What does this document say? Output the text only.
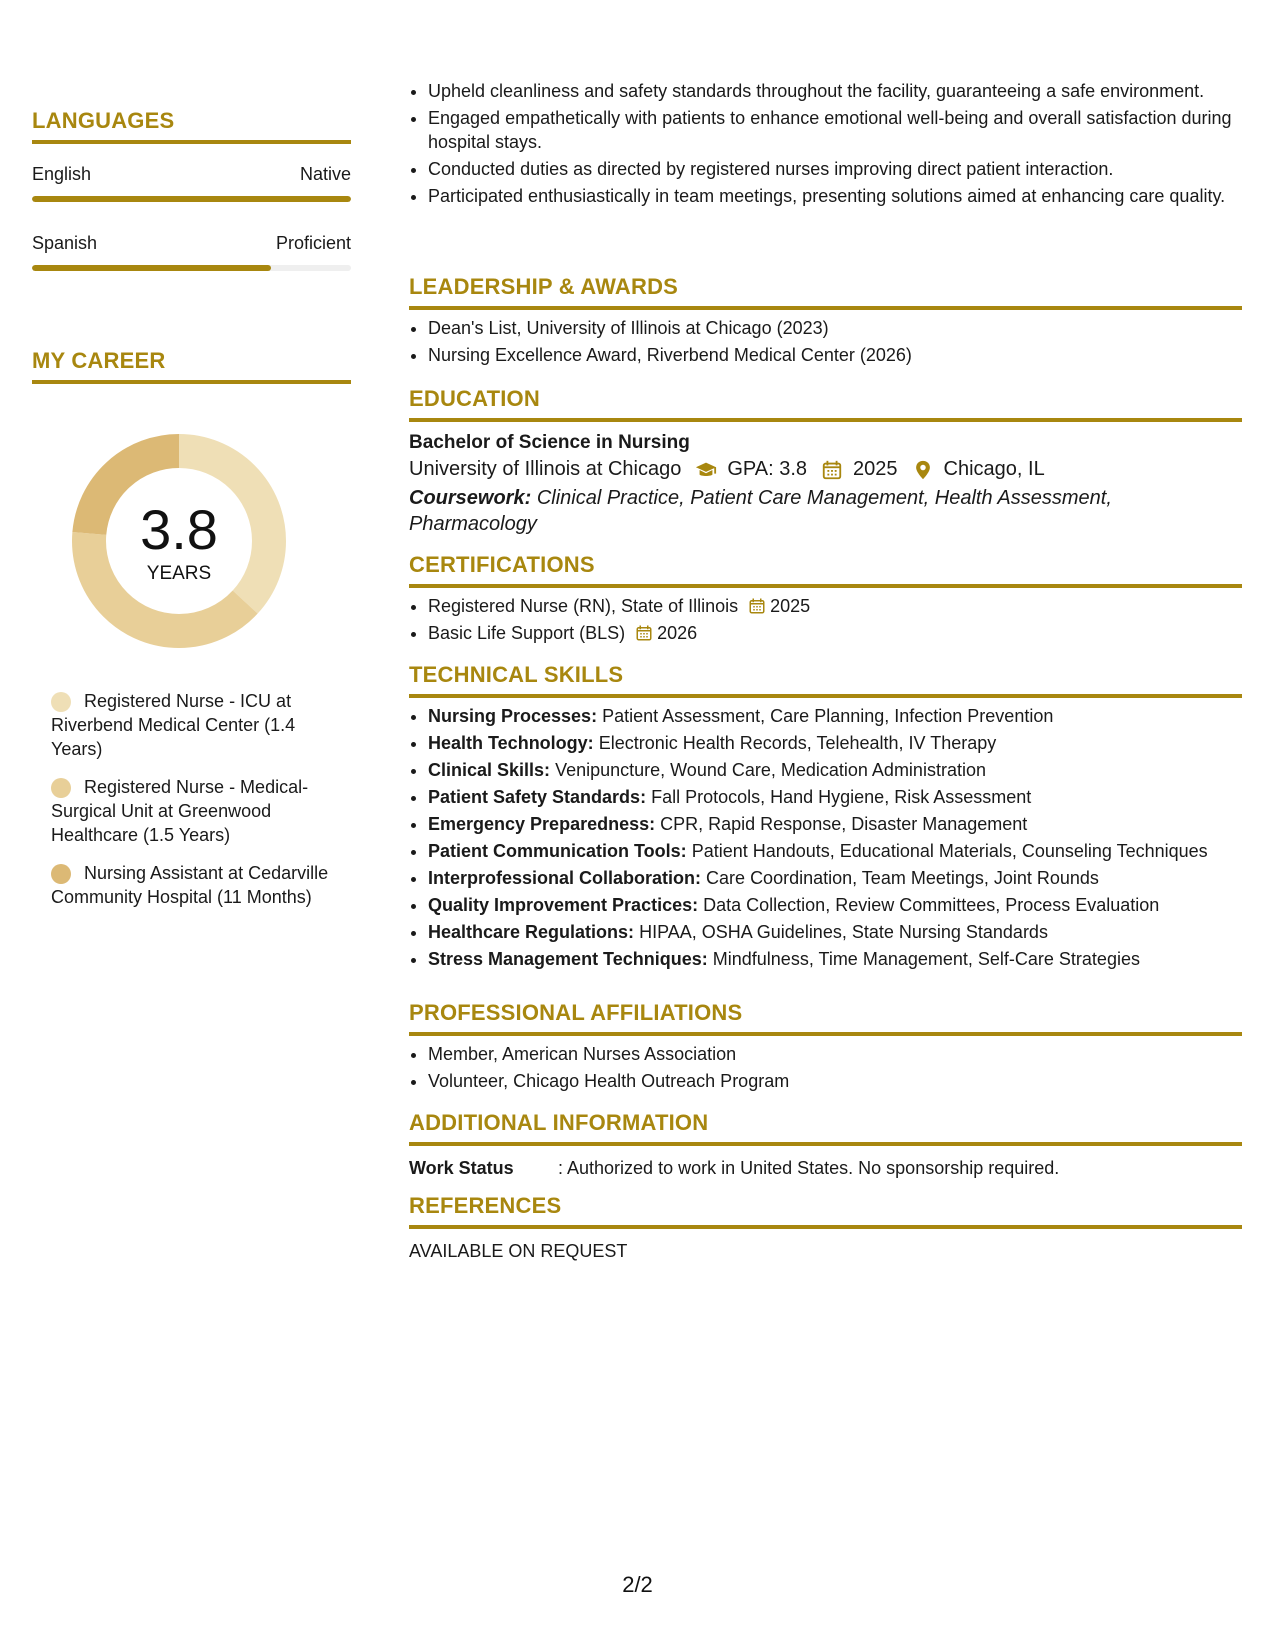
LANGUAGES
English	Native
Spanish	Proficient
MY CAREER
3.8
YEARS
Registered Nurse - ICU at Riverbend Medical Center (1.4 Years)
Registered Nurse - Medical-Surgical Unit at Greenwood Healthcare (1.5 Years)
Nursing Assistant at Cedarville Community Hospital (11 Months)
• Upheld cleanliness and safety standards throughout the facility, guaranteeing a safe environment.
• Engaged empathetically with patients to enhance emotional well-being and overall satisfaction during hospital stays.
• Conducted duties as directed by registered nurses improving direct patient interaction.
• Participated enthusiastically in team meetings, presenting solutions aimed at enhancing care quality.
LEADERSHIP & AWARDS
• Dean's List, University of Illinois at Chicago (2023)
• Nursing Excellence Award, Riverbend Medical Center (2026)
EDUCATION
Bachelor of Science in Nursing
University of Illinois at Chicago GPA: 3.8 2025 Chicago, IL
Coursework: Clinical Practice, Patient Care Management, Health Assessment, Pharmacology
CERTIFICATIONS
• Registered Nurse (RN), State of Illinois 2025
• Basic Life Support (BLS) 2026
TECHNICAL SKILLS
• Nursing Processes: Patient Assessment, Care Planning, Infection Prevention
• Health Technology: Electronic Health Records, Telehealth, IV Therapy
• Clinical Skills: Venipuncture, Wound Care, Medication Administration
• Patient Safety Standards: Fall Protocols, Hand Hygiene, Risk Assessment
• Emergency Preparedness: CPR, Rapid Response, Disaster Management
• Patient Communication Tools: Patient Handouts, Educational Materials, Counseling Techniques
• Interprofessional Collaboration: Care Coordination, Team Meetings, Joint Rounds
• Quality Improvement Practices: Data Collection, Review Committees, Process Evaluation
• Healthcare Regulations: HIPAA, OSHA Guidelines, State Nursing Standards
• Stress Management Techniques: Mindfulness, Time Management, Self-Care Strategies
PROFESSIONAL AFFILIATIONS
• Member, American Nurses Association
• Volunteer, Chicago Health Outreach Program
ADDITIONAL INFORMATION
Work Status	: Authorized to work in United States. No sponsorship required.
REFERENCES
AVAILABLE ON REQUEST
2/2
